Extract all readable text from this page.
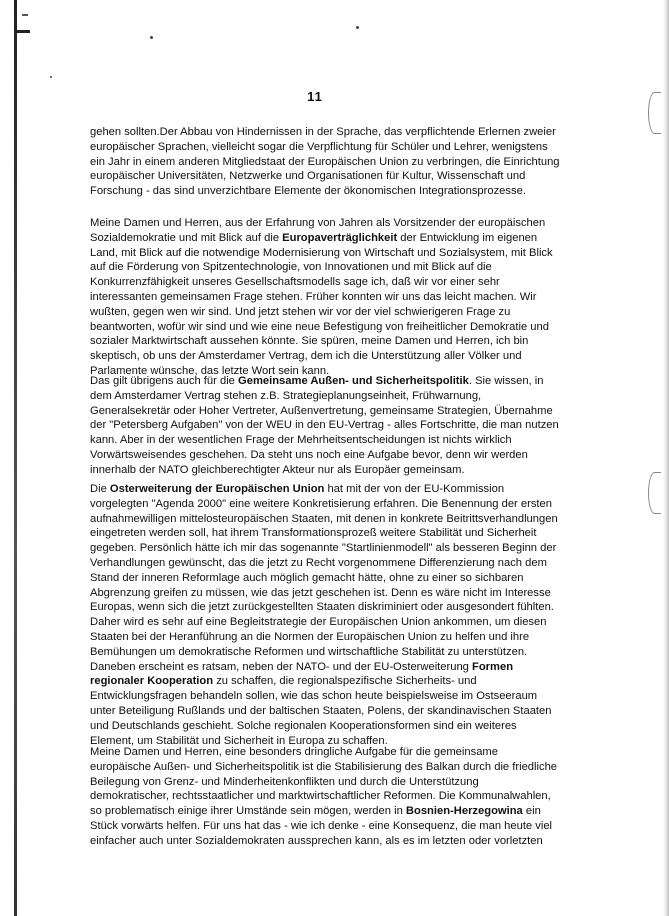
11

gehen sollten.Der Abbau von Hindernissen in der Sprache, das verpflichtende Erlernen zweier europäischer Sprachen, vielleicht sogar die Verpflichtung für Schüler und Lehrer, wenigstens ein Jahr in einem anderen Mitgliedstaat der Europäischen Union zu verbringen, die Einrichtung europäischer Universitäten, Netzwerke und Organisationen für Kultur, Wissenschaft und Forschung - das sind unverzichtbare Elemente der ökonomischen Integrationsprozesse.

Meine Damen und Herren, aus der Erfahrung von Jahren als Vorsitzender der europäischen Sozialdemokratie und mit Blick auf die Europaverträglichkeit der Entwicklung im eigenen Land, mit Blick auf die notwendige Modernisierung von Wirtschaft und Sozialsystem, mit Blick auf die Förderung von Spitzentechnologie, von Innovationen und mit Blick auf die Konkurrenzfähigkeit unseres Gesellschaftsmodells sage ich, daß wir vor einer sehr interessanten gemeinsamen Frage stehen. Früher konnten wir uns das leicht machen. Wir wußten, gegen wen wir sind. Und jetzt stehen wir vor der viel schwierigeren Frage zu beantworten, wofür wir sind und wie eine neue Befestigung von freiheitlicher Demokratie und sozialer Marktwirtschaft aussehen könnte. Sie spüren, meine Damen und Herren, ich bin skeptisch, ob uns der Amsterdamer Vertrag, dem ich die Unterstützung aller Völker und Parlamente wünsche, das letzte Wort sein kann.

Das gilt übrigens auch für die Gemeinsame Außen- und Sicherheitspolitik. Sie wissen, in dem Amsterdamer Vertrag stehen z.B. Strategieplanungseinheit, Frühwarnung, Generalsekretär oder Hoher Vertreter, Außenvertretung, gemeinsame Strategien, Übernahme der "Petersberg Aufgaben" von der WEU in den EU-Vertrag - alles Fortschritte, die man nutzen kann. Aber in der wesentlichen Frage der Mehrheitsentscheidungen ist nichts wirklich Vorwärtsweisendes geschehen. Da steht uns noch eine Aufgabe bevor, denn wir werden innerhalb der NATO gleichberechtigter Akteur nur als Europäer gemeinsam.

Die Osterweiterung der Europäischen Union hat mit der von der EU-Kommission vorgelegten "Agenda 2000" eine weitere Konkretisierung erfahren. Die Benennung der ersten aufnahmewilligen mittelosteuropäischen Staaten, mit denen in konkrete Beitrittsverhandlungen eingetreten werden soll, hat ihrem Transformationsprozeß weitere Stabilität und Sicherheit gegeben. Persönlich hätte ich mir das sogenannte "Startlinienmodell" als besseren Beginn der Verhandlungen gewünscht, das die jetzt zu Recht vorgenommene Differenzierung nach dem Stand der inneren Reformlage auch möglich gemacht hätte, ohne zu einer so sichbaren Abgrenzung greifen zu müssen, wie das jetzt geschehen ist. Denn es wäre nicht im Interesse Europas, wenn sich die jetzt zurückgestellten Staaten diskriminiert oder ausgesondert fühlten. Daher wird es sehr auf eine Begleitstrategie der Europäischen Union ankommen, um diesen Staaten bei der Heranführung an die Normen der Europäischen Union zu helfen und ihre Bemühungen um demokratische Reformen und wirtschaftliche Stabilität zu unterstützen. Daneben erscheint es ratsam, neben der NATO- und der EU-Osterweiterung Formen regionaler Kooperation zu schaffen, die regionalspezifische Sicherheits- und Entwicklungsfragen behandeln sollen, wie das schon heute beispielsweise im Ostseeraum unter Beteiligung Rußlands und der baltischen Staaten, Polens, der skandinavischen Staaten und Deutschlands geschieht. Solche regionalen Kooperationsformen sind ein weiteres Element, um Stabilität und Sicherheit in Europa zu schaffen.

Meine Damen und Herren, eine besonders dringliche Aufgabe für die gemeinsame europäische Außen- und Sicherheitspolitik ist die Stabilisierung des Balkan durch die friedliche Beilegung von Grenz- und Minderheitenkonflikten und durch die Unterstützung demokratischer, rechtsstaatlicher und marktwirtschaftlicher Reformen. Die Kommunalwahlen, so problematisch einige ihrer Umstände sein mögen, werden in Bosnien-Herzegowina ein Stück vorwärts helfen. Für uns hat das - wie ich denke - eine Konsequenz, die man heute viel einfacher auch unter Sozialdemokraten aussprechen kann, als es im letzten oder vorletzten
